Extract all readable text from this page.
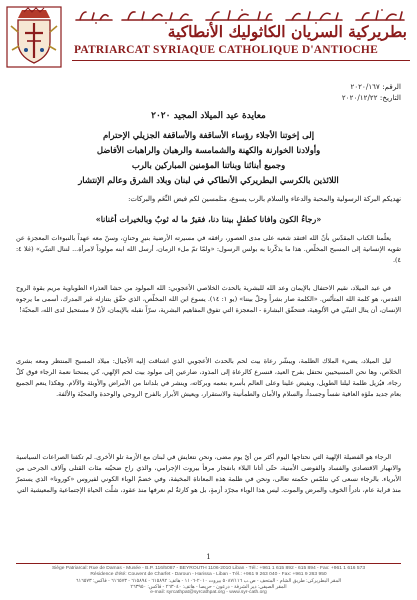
بطريركية السريان الكاثوليك الأنطاكية
PATRIARCAT SYRIAQUE CATHOLIQUE D'ANTIOCHE
الرقم: ٢٠٢٠/١٦٧
التاريخ: ٢٠٢٠/١٢/٢٢
معايدة عيد الميلاد المجيد ٢٠٢٠
إلى إخوتنا الأجلاء رؤساء الأساقفة والأساقفة الجزيلي الإحترام
وأولادنا الخوارنة والكهنة والشمامسة والرهبان والراهبات الأفاضل
وجميع أبنائنا وبناتنا المؤمنين المباركين بالرب
اللائذين بالكرسي البطريركي الأنطاكي في لبنان وبلاد الشرق وعالم الإنتشار
نهديكم البركة الرسولية والمحبة والدعاء والسلام بالرب يسوع، متلمسين لكم فيض النِّعَم والبركات:
«رجاءُ الكون وافانا كطفلٍ بيننا دنا، فقيرٌ ما له ثوبٌ وبالخيرات أغنانا»
يعلّمنا الكتاب المقدّس بأنّ الله افتقد شعبه على مدى العصور، رافقه في مسيرته الأرضية بنيرٍ وحنانٍ، وسنّ معه عهداً بالنبوءات المعجزة عن تقويه الإنسانية إلى المسيح المخلّص. هذا ما يذكّرنا به بولس الرسول: «ولمّا تمّ ملء الزمان، أرسل الله ابنه مولوداً لامرأة... لننال التبنّي» (غلا ٤: ٤).
في عيد الميلاد، نقيم الاحتفال بالإيمان وعد الله للبشرية بالحدث الخلاصي الأعجوبي: الله المولود من حشا العذراء الطوباوية مريم بقوة الروح القدس، هو كلمة الله المتأنّس. «الكلمة صار بشراً وحلّ بيننا» (يو ١: ١٤). يسوع ابن الله المخلّص، الذي حقّق بتنازله غير المدرك، أسمى ما يرجوه الإنسان، أن ينال التبنّي في الألوهية، فتتحقّق البشارة - المعجزة التي تفوق المفاهيم البشرية، سرّاً نقبله بالإيمان، لأنْ لا مستحيل لدى الله، المحبّة!
ليل الميلاد، يضيء الملاك الظلمة، ويبشّر رعاة بيت لحم بالحدث الأعجوبي الذي اشتاقت إليه الأجيال: ميلاد المسيح المنتظر ومعه بشرى الخلاص، وها نحن المسيحيين نحتفل بفرح العيد، فنسرع كالرعاة إلى المذود، ضارعين إلى مولود بيت لحم الإلهي، كي يمنحنا نعمة الرجاء فوق كلّ رجاء، فيُزيل ظلمة ليلنا الطويل، ويفيض علينا وعلى العالم بأسره بنعمه وبركاته، وينشر في بلداننا من الأمراض والأوبئة والآلام. وهكذا ينعم الجميع بعام جديد ملؤه العافية نفساً وجسداً، والسلام والأمان والطمأنينة والاستقرار، ويعيش الأبرار بالفرح الروحي والوحدة والمحبّة والألفة.
الرجاء هو الفضيلة الإلهية التي نحتاجها اليوم أكثر من أيّ يوم مضى، ونحن نتعايش في لبنان مع الأزمة تلو الأخرى. لم تكفنا الصراعات السياسية والانهيار الاقتصادي والفساد والفوضى الأمنية، حتّى أتانا البلاء بانفجار مرفأ بيروت الإجرامي، والذي راح ضحيّته مئات القتلى وآلاف الجرحى من الأبرياء. بالرجاء نسعى كي نتلمّس حكمته تعالى، ونحن في ظلمة هذه المعاناة المخيفة، وفي خضمّ الوباء الكوني لفيروس «كورونا» الذي يستمرّ منذ قرابة عام، نادراً الخوف والمرض والموت. ليس هذا الوباء مجرّد أزمةٍ، بل هو كارثةٌ لم نعرفها منذ عقود، شلّت الحياة الإجتماعية والمعيشية التي
1
Siège Patriarcal: Rue de Damas - Musée - B.P. 116/5087 - BEYROUTH 1106-2010 Liban - Tél.: +961 1 615 892 - 615 894 - Fax: +961 1 616 573
Résidence d'été: Couvent de Charfet - Daroun - Harissa - Liban - Tél.: +961 9 263 040 - Fax: +961 9 263 950
المقر البطريركي: طريق الشام - المتحف - ص.ب ٥٠٨٧/١١٦ بيروت ٢٠١٠-١١٠٦ - هاتف: ٦١٥٨٩٢ - ٦١٥٨٩٤ - ٦١٦٥٧٣ - فاكس: ٦١٦٥٧٣
المقر الصيفي: دير الشرفة - درعون - حريصا - هاتف: ٢٦٣٠٤٠ - فاكس: ٢٦٣٩٥٠
e-mail: syrcathpat@syrcathpat.org - www.syr-cath.org
